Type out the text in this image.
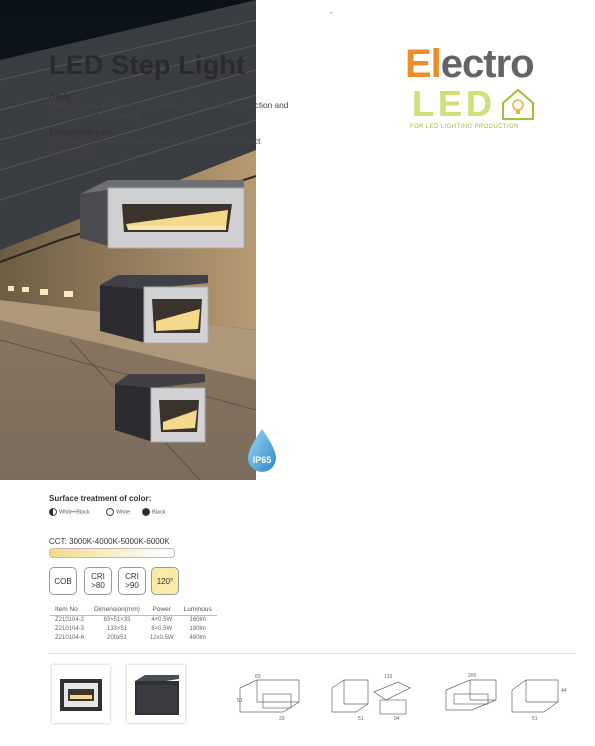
-
LED Step Light
Body
Made of pure aluminum with treatment of corrision protection and UV-proof powder coating.
Embedded part
Pure aluminum with different size to meet different project requirement
Electro
LED
FOR LED LIGHTING PRODUCTION
IP65
Surface treatment of color:
White+Black	White	Black
CCT: 3000K-4000K-5000K-6000K
COB CRI
>80
CRI
>90 120°
Item No	Dimension(mm)	Power	Luminous
Z210104-2	83×51×33	4×0.5W	160lm
Z210104-3	133×51	6×0.5W	180lm
Z210104-6	200x51	12x0.5W	480lm
83
51
33
133
51	94
200
51
44
